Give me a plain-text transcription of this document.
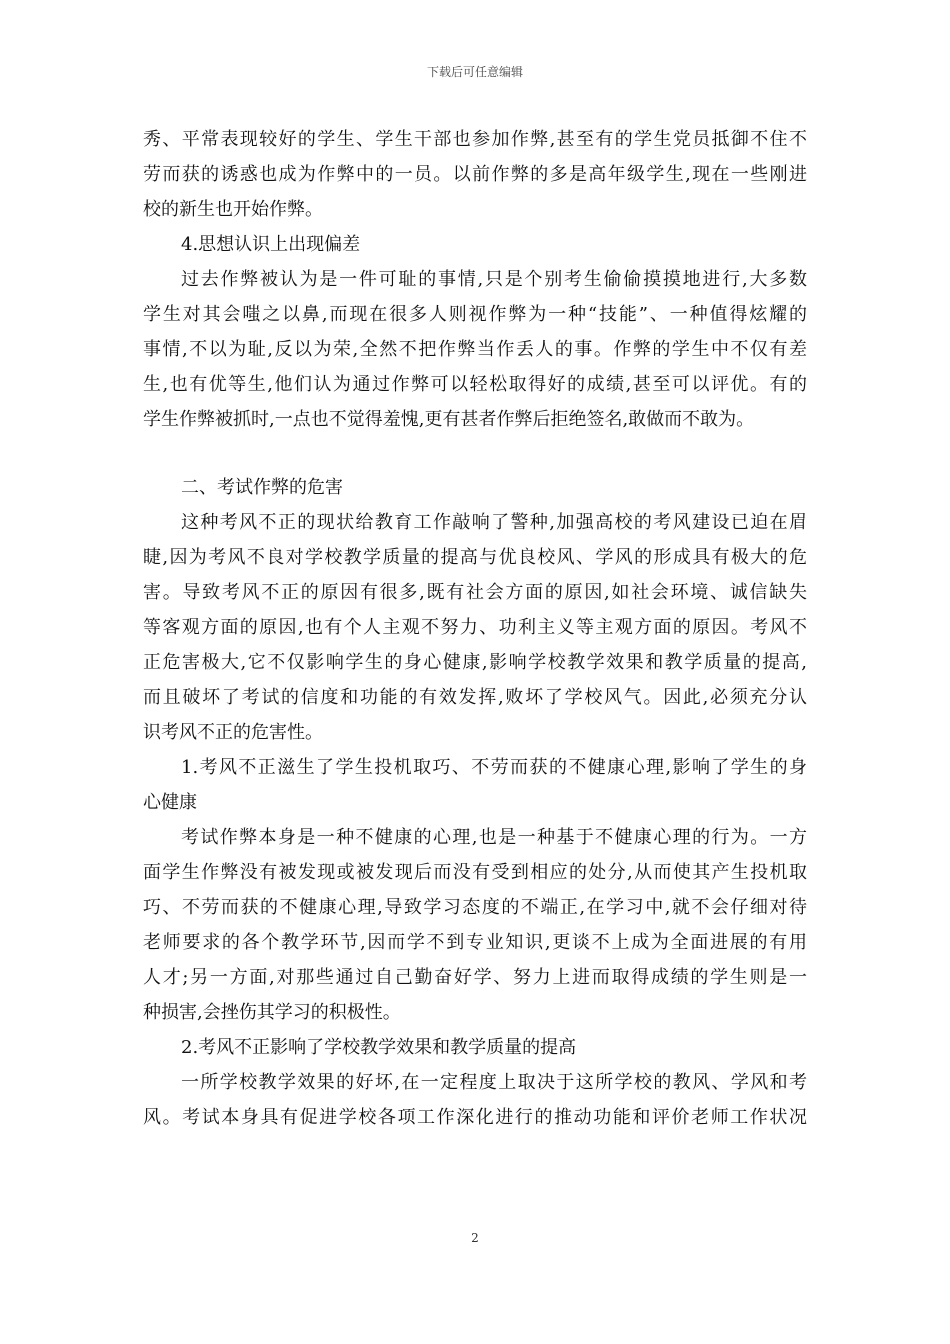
下载后可任意编辑
秀、平常表现较好的学生、学生干部也参加作弊,甚至有的学生党员抵御不住不
劳而获的诱惑也成为作弊中的一员。以前作弊的多是高年级学生,现在一些刚进
校的新生也开始作弊。
4.思想认识上出现偏差
过去作弊被认为是一件可耻的事情,只是个别考生偷偷摸摸地进行,大多数
学生对其会嗤之以鼻,而现在很多人则视作弊为一种“技能”、一种值得炫耀的
事情,不以为耻,反以为荣,全然不把作弊当作丢人的事。作弊的学生中不仅有差
生,也有优等生,他们认为通过作弊可以轻松取得好的成绩,甚至可以评优。有的
学生作弊被抓时,一点也不觉得羞愧,更有甚者作弊后拒绝签名,敢做而不敢为。
二、考试作弊的危害
这种考风不正的现状给教育工作敲响了警种,加强高校的考风建设已迫在眉
睫,因为考风不良对学校教学质量的提高与优良校风、学风的形成具有极大的危
害。导致考风不正的原因有很多,既有社会方面的原因,如社会环境、诚信缺失
等客观方面的原因,也有个人主观不努力、功利主义等主观方面的原因。考风不
正危害极大,它不仅影响学生的身心健康,影响学校教学效果和教学质量的提高,
而且破坏了考试的信度和功能的有效发挥,败坏了学校风气。因此,必须充分认
识考风不正的危害性。
1.考风不正滋生了学生投机取巧、不劳而获的不健康心理,影响了学生的身
心健康
考试作弊本身是一种不健康的心理,也是一种基于不健康心理的行为。一方
面学生作弊没有被发现或被发现后而没有受到相应的处分,从而使其产生投机取
巧、不劳而获的不健康心理,导致学习态度的不端正,在学习中,就不会仔细对待
老师要求的各个教学环节,因而学不到专业知识,更谈不上成为全面进展的有用
人才;另一方面,对那些通过自己勤奋好学、努力上进而取得成绩的学生则是一
种损害,会挫伤其学习的积极性。
2.考风不正影响了学校教学效果和教学质量的提高
一所学校教学效果的好坏,在一定程度上取决于这所学校的教风、学风和考
风。考试本身具有促进学校各项工作深化进行的推动功能和评价老师工作状况
2
